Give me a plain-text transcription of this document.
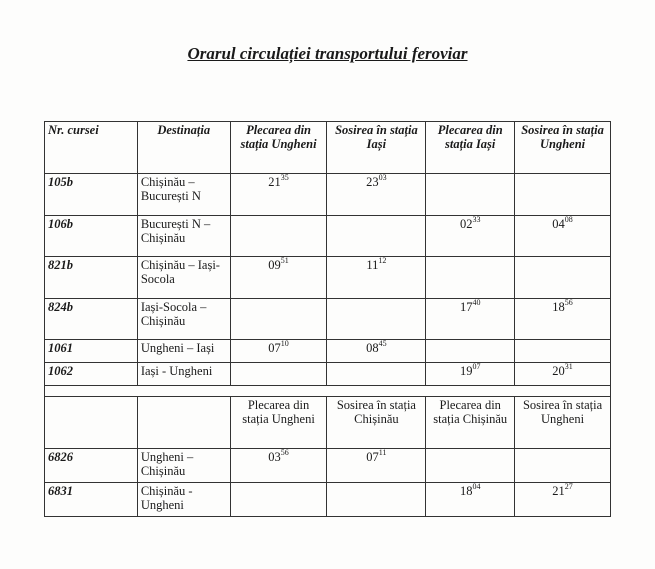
Orarul circulației transportului feroviar
Nr. cursei	Destinația	Plecarea din stația Ungheni	Sosirea în stația Iași	Plecarea din stația Iași	Sosirea în stația Ungheni
105b	Chișinău – București N	$21^{35}$	$23^{03}$		
106b	București N – Chișinău			$02^{33}$	$04^{08}$
821b	Chișinău – Iași-Socola	$09^{51}$	$11^{12}$		
824b	Iași-Socola – Chișinău			$17^{40}$	$18^{56}$
1061	Ungheni – Iași	$07^{10}$	$08^{45}$		
1062	Iași - Ungheni			$19^{07}$	$20^{31}$

		Plecarea din stația Ungheni	Sosirea în stația Chișinău	Plecarea din stația Chișinău	Sosirea în stația Ungheni
6826	Ungheni – Chișinău	$03^{56}$	$07^{11}$		
6831	Chișinău - Ungheni			$18^{04}$	$21^{27}$
